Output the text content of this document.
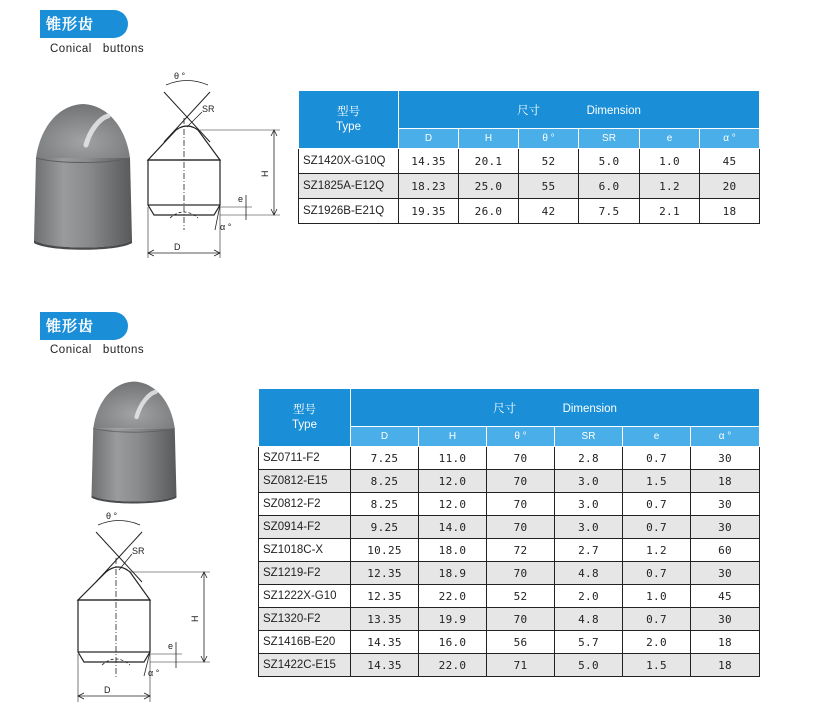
锥形齿
Conical   buttons
θ °
SR
α °
H
e
D
型号
Type	尺寸 Dimension					
	D	H	θ °	SR	e	α °
SZ1420X-G10Q	14.35	20.1	52	5.0	1.0	45
SZ1825A-E12Q	18.23	25.0	55	6.0	1.2	20
SZ1926B-E21Q	19.35	26.0	42	7.5	2.1	18
锥形齿
Conical   buttons
θ °
SR
α °
H
e
D
型号
Type	尺寸 Dimension					
	D	H	θ °	SR	e	α °
SZ0711-F2	7.25	11.0	70	2.8	0.7	30
SZ0812-E15	8.25	12.0	70	3.0	1.5	18
SZ0812-F2	8.25	12.0	70	3.0	0.7	30
SZ0914-F2	9.25	14.0	70	3.0	0.7	30
SZ1018C-X	10.25	18.0	72	2.7	1.2	60
SZ1219-F2	12.35	18.9	70	4.8	0.7	30
SZ1222X-G10	12.35	22.0	52	2.0	1.0	45
SZ1320-F2	13.35	19.9	70	4.8	0.7	30
SZ1416B-E20	14.35	16.0	56	5.7	2.0	18
SZ1422C-E15	14.35	22.0	71	5.0	1.5	18
